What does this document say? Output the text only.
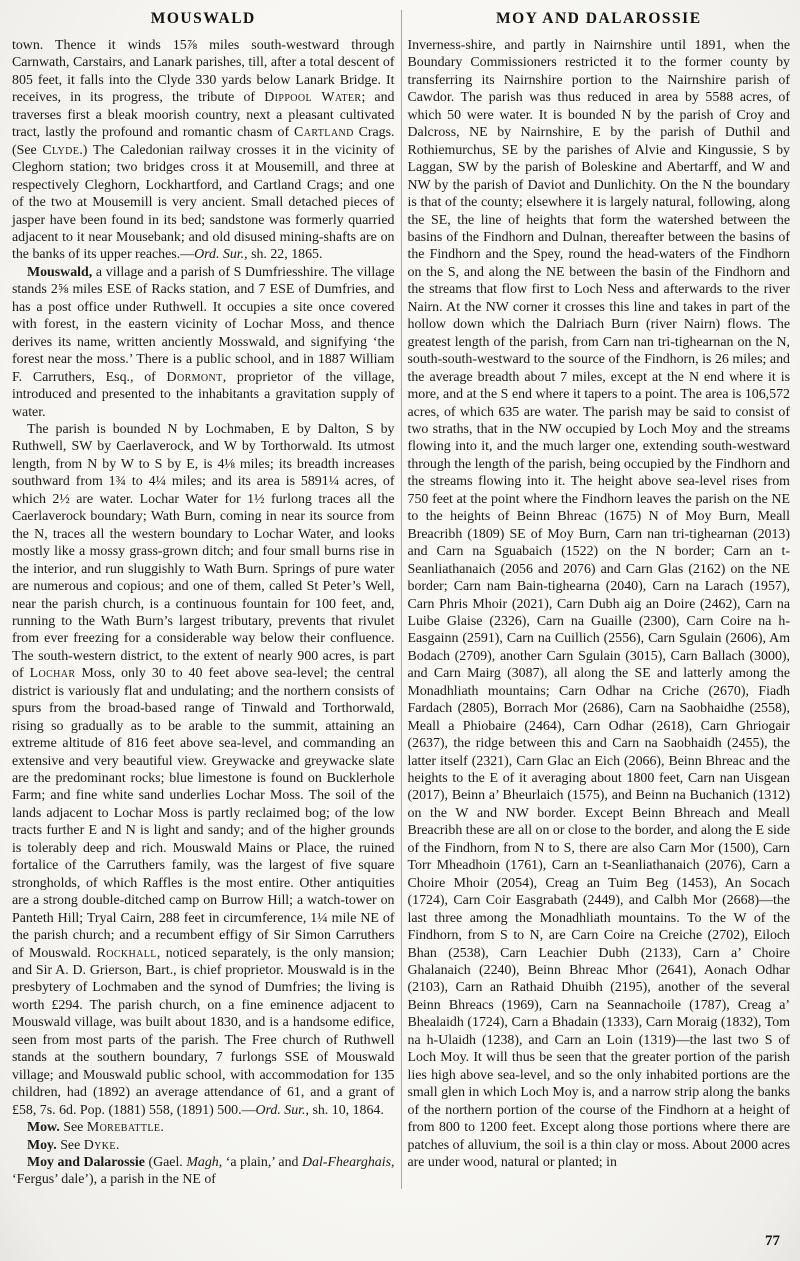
MOUSWALD

town. Thence it winds 15⅞ miles south-westward through Carnwath, Carstairs, and Lanark parishes, till, after a total descent of 805 feet, it falls into the Clyde 330 yards below Lanark Bridge. It receives, in its progress, the tribute of Dippool Water; and traverses first a bleak moorish country, next a pleasant cultivated tract, lastly the profound and romantic chasm of Cartland Crags. (See Clyde.) The Caledonian railway crosses it in the vicinity of Cleghorn station; two bridges cross it at Mousemill, and three at respectively Cleghorn, Lockhartford, and Cartland Crags; and one of the two at Mousemill is very ancient. Small detached pieces of jasper have been found in its bed; sandstone was formerly quarried adjacent to it near Mousebank; and old disused mining-shafts are on the banks of its upper reaches.—Ord. Sur., sh. 22, 1865.

Mouswald, a village and a parish of S Dumfriesshire. The village stands 2⅝ miles ESE of Racks station, and 7 ESE of Dumfries, and has a post office under Ruthwell. It occupies a site once covered with forest, in the eastern vicinity of Lochar Moss, and thence derives its name, written anciently Mosswald, and signifying ‘the forest near the moss.’ There is a public school, and in 1887 William F. Carruthers, Esq., of Dormont, proprietor of the village, introduced and presented to the inhabitants a gravitation supply of water.

The parish is bounded N by Lochmaben, E by Dalton, S by Ruthwell, SW by Caerlaverock, and W by Torthorwald. Its utmost length, from N by W to S by E, is 4⅛ miles; its breadth increases southward from 1¾ to 4¼ miles; and its area is 5891¼ acres, of which 2½ are water. Lochar Water for 1½ furlong traces all the Caerlaverock boundary; Wath Burn, coming in near its source from the N, traces all the western boundary to Lochar Water, and looks mostly like a mossy grass-grown ditch; and four small burns rise in the interior, and run sluggishly to Wath Burn. Springs of pure water are numerous and copious; and one of them, called St Peter’s Well, near the parish church, is a continuous fountain for 100 feet, and, running to the Wath Burn’s largest tributary, prevents that rivulet from ever freezing for a considerable way below their confluence. The south-western district, to the extent of nearly 900 acres, is part of Lochar Moss, only 30 to 40 feet above sea-level; the central district is variously flat and undulating; and the northern consists of spurs from the broad-based range of Tinwald and Torthorwald, rising so gradually as to be arable to the summit, attaining an extreme altitude of 816 feet above sea-level, and commanding an extensive and very beautiful view. Greywacke and greywacke slate are the predominant rocks; blue limestone is found on Bucklerhole Farm; and fine white sand underlies Lochar Moss. The soil of the lands adjacent to Lochar Moss is partly reclaimed bog; of the low tracts further E and N is light and sandy; and of the higher grounds is tolerably deep and rich. Mouswald Mains or Place, the ruined fortalice of the Carruthers family, was the largest of five square strongholds, of which Raffles is the most entire. Other antiquities are a strong double-ditched camp on Burrow Hill; a watch-tower on Panteth Hill; Tryal Cairn, 288 feet in circumference, 1¼ mile NE of the parish church; and a recumbent effigy of Sir Simon Carruthers of Mouswald. Rockhall, noticed separately, is the only mansion; and Sir A. D. Grierson, Bart., is chief proprietor. Mouswald is in the presbytery of Lochmaben and the synod of Dumfries; the living is worth £294. The parish church, on a fine eminence adjacent to Mouswald village, was built about 1830, and is a handsome edifice, seen from most parts of the parish. The Free church of Ruthwell stands at the southern boundary, 7 furlongs SSE of Mouswald village; and Mouswald public school, with accommodation for 135 children, had (1892) an average attendance of 61, and a grant of £58, 7s. 6d. Pop. (1881) 558, (1891) 500.—Ord. Sur., sh. 10, 1864.

Mow. See Morebattle.

Moy. See Dyke.

Moy and Dalarossie (Gael. Magh, ‘a plain,’ and Dal-Fhearghais, ‘Fergus’ dale’), a parish in the NE of

MOY AND DALAROSSIE

Inverness-shire, and partly in Nairnshire until 1891, when the Boundary Commissioners restricted it to the former county by transferring its Nairnshire portion to the Nairnshire parish of Cawdor. The parish was thus reduced in area by 5588 acres, of which 50 were water. It is bounded N by the parish of Croy and Dalcross, NE by Nairnshire, E by the parish of Duthil and Rothiemurchus, SE by the parishes of Alvie and Kingussie, S by Laggan, SW by the parish of Boleskine and Abertarff, and W and NW by the parish of Daviot and Dunlichity. On the N the boundary is that of the county; elsewhere it is largely natural, following, along the SE, the line of heights that form the watershed between the basins of the Findhorn and Dulnan, thereafter between the basins of the Findhorn and the Spey, round the head-waters of the Findhorn on the S, and along the NE between the basin of the Findhorn and the streams that flow first to Loch Ness and afterwards to the river Nairn. At the NW corner it crosses this line and takes in part of the hollow down which the Dalriach Burn (river Nairn) flows. The greatest length of the parish, from Carn nan tri-tighearnan on the N, south-south-westward to the source of the Findhorn, is 26 miles; and the average breadth about 7 miles, except at the N end where it is more, and at the S end where it tapers to a point. The area is 106,572 acres, of which 635 are water. The parish may be said to consist of two straths, that in the NW occupied by Loch Moy and the streams flowing into it, and the much larger one, extending south-westward through the length of the parish, being occupied by the Findhorn and the streams flowing into it. The height above sea-level rises from 750 feet at the point where the Findhorn leaves the parish on the NE to the heights of Beinn Bhreac (1675) N of Moy Burn, Meall Breacribh (1809) SE of Moy Burn, Carn nan tri-tighearnan (2013) and Carn na Sguabaich (1522) on the N border; Carn an t-Seanliathanaich (2056 and 2076) and Carn Glas (2162) on the NE border; Carn nam Bain-tighearna (2040), Carn na Larach (1957), Carn Phris Mhoir (2021), Carn Dubh aig an Doire (2462), Carn na Luibe Glaise (2326), Carn na Guaille (2300), Carn Coire na h-Easgainn (2591), Carn na Cuillich (2556), Carn Sgulain (2606), Am Bodach (2709), another Carn Sgulain (3015), Carn Ballach (3000), and Carn Mairg (3087), all along the SE and latterly among the Monadhliath mountains; Carn Odhar na Criche (2670), Fiadh Fardach (2805), Borrach Mor (2686), Carn na Saobhaidhe (2558), Meall a Phiobaire (2464), Carn Odhar (2618), Carn Ghriogair (2637), the ridge between this and Carn na Saobhaidh (2455), the latter itself (2321), Carn Glac an Eich (2066), Beinn Bhreac and the heights to the E of it averaging about 1800 feet, Carn nan Uisgean (2017), Beinn a’ Bheurlaich (1575), and Beinn na Buchanich (1312) on the W and NW border. Except Beinn Bhreach and Meall Breacribh these are all on or close to the border, and along the E side of the Findhorn, from N to S, there are also Carn Mor (1500), Carn Torr Mheadhoin (1761), Carn an t-Seanliathanaich (2076), Carn a Choire Mhoir (2054), Creag an Tuim Beg (1453), An Socach (1724), Carn Coir Easgrabath (2449), and Calbh Mor (2668)—the last three among the Monadhliath mountains. To the W of the Findhorn, from S to N, are Carn Coire na Creiche (2702), Eiloch Bhan (2538), Carn Leachier Dubh (2133), Carn a’ Choire Ghalanaich (2240), Beinn Bhreac Mhor (2641), Aonach Odhar (2103), Carn an Rathaid Dhuibh (2195), another of the several Beinn Bhreacs (1969), Carn na Seannachoile (1787), Creag a’ Bhealaidh (1724), Carn a Bhadain (1333), Carn Moraig (1832), Tom na h-Ulaidh (1238), and Carn an Loin (1319)—the last two S of Loch Moy. It will thus be seen that the greater portion of the parish lies high above sea-level, and so the only inhabited portions are the small glen in which Loch Moy is, and a narrow strip along the banks of the northern portion of the course of the Findhorn at a height of from 800 to 1200 feet. Except along those portions where there are patches of alluvium, the soil is a thin clay or moss. About 2000 acres are under wood, natural or planted; in

77
